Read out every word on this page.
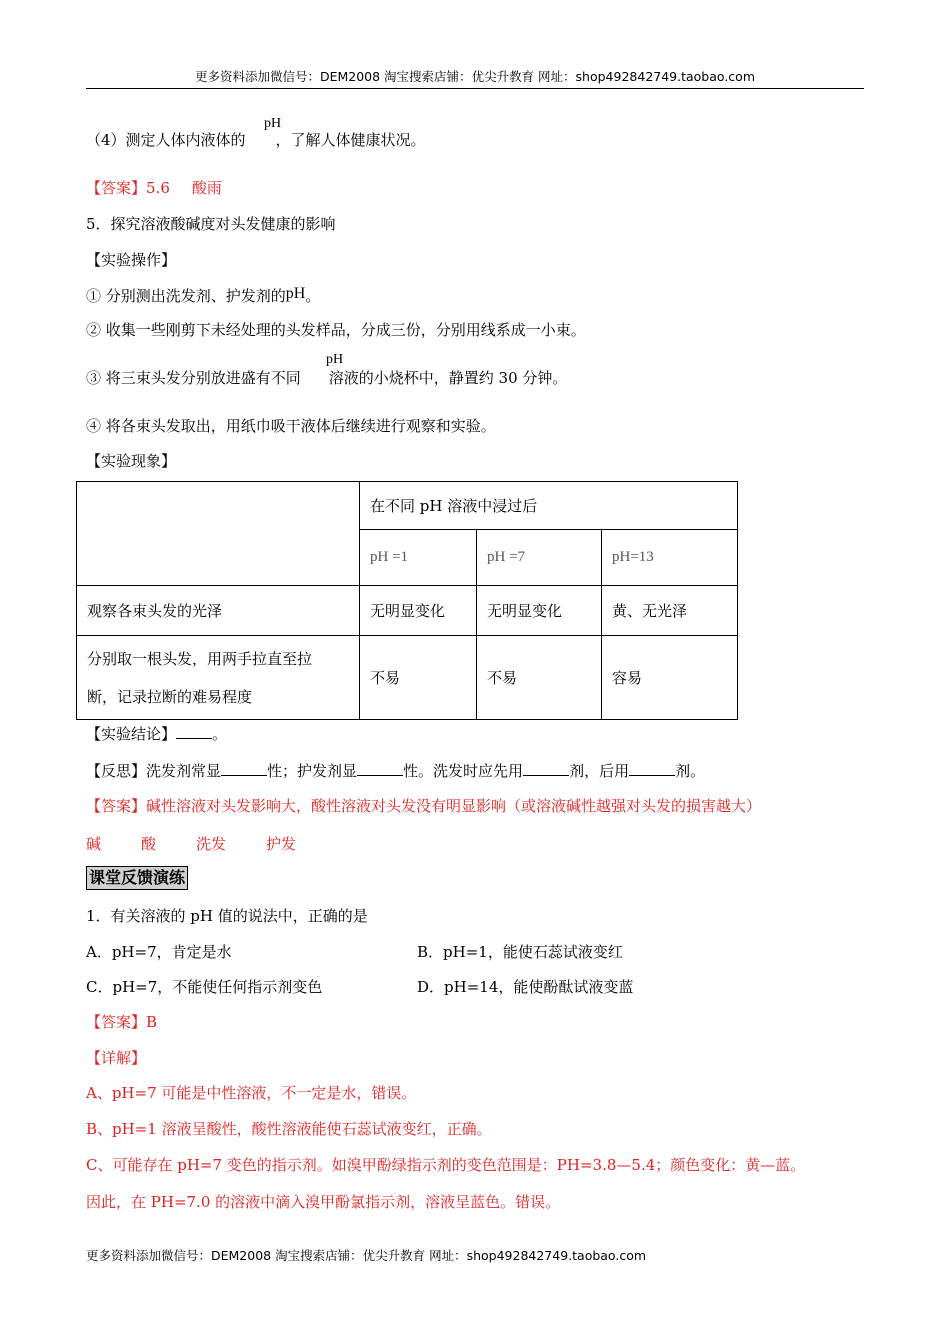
更多资料添加微信号：DEM2008 淘宝搜索店铺：优尖升教育 网址：shop492842749.taobao.com
（4）测定人体内液体的 ，了解人体健康状况。
pH
【答案】5.6 酸雨
5．探究溶液酸碱度对头发健康的影响
【实验操作】
① 分别测出洗发剂、护发剂的pH。
② 收集一些刚剪下未经处理的头发样品，分成三份，分别用线系成一小束。
③ 将三束头发分别放进盛有不同 溶液的小烧杯中，静置约 30 分钟。
pH
④ 将各束头发取出，用纸巾吸干液体后继续进行观察和实验。
【实验现象】
	在不同 pH 溶液中浸过后		
	pH =1	pH =7	pH=13
观察各束头发的光泽	无明显变化	无明显变化	黄、无光泽

分别取一根头发，用两手拉直至拉
断，记录拉断的难易程度	不易	不易	容易
【实验结论】 。
【反思】洗发剂常显	性；护发剂显	性。洗发时应先用	剂，后用	剂。
【答案】碱性溶液对头发影响大，酸性溶液对头发没有明显影响（或溶液碱性越强对头发的损害越大）
碱	酸	洗发	护发
课堂反馈演练
1．有关溶液的 pH 值的说法中，正确的是
A．pH=7，肯定是水	B．pH=1，能使石蕊试液变红
C．pH=7，不能使任何指示剂变色	D．pH=14，能使酚酞试液变蓝
【答案】B
【详解】
A、pH=7 可能是中性溶液，不一定是水，错误。
B、pH=1 溶液呈酸性，酸性溶液能使石蕊试液变红，正确。
C、可能存在 pH=7 变色的指示剂。如溴甲酚绿指示剂的变色范围是：PH=3.8—5.4；颜色变化：黄—蓝。
因此，在 PH=7.0 的溶液中滴入溴甲酚氯指示剂，溶液呈蓝色。错误。
更多资料添加微信号：DEM2008 淘宝搜索店铺：优尖升教育 网址：shop492842749.taobao.com
